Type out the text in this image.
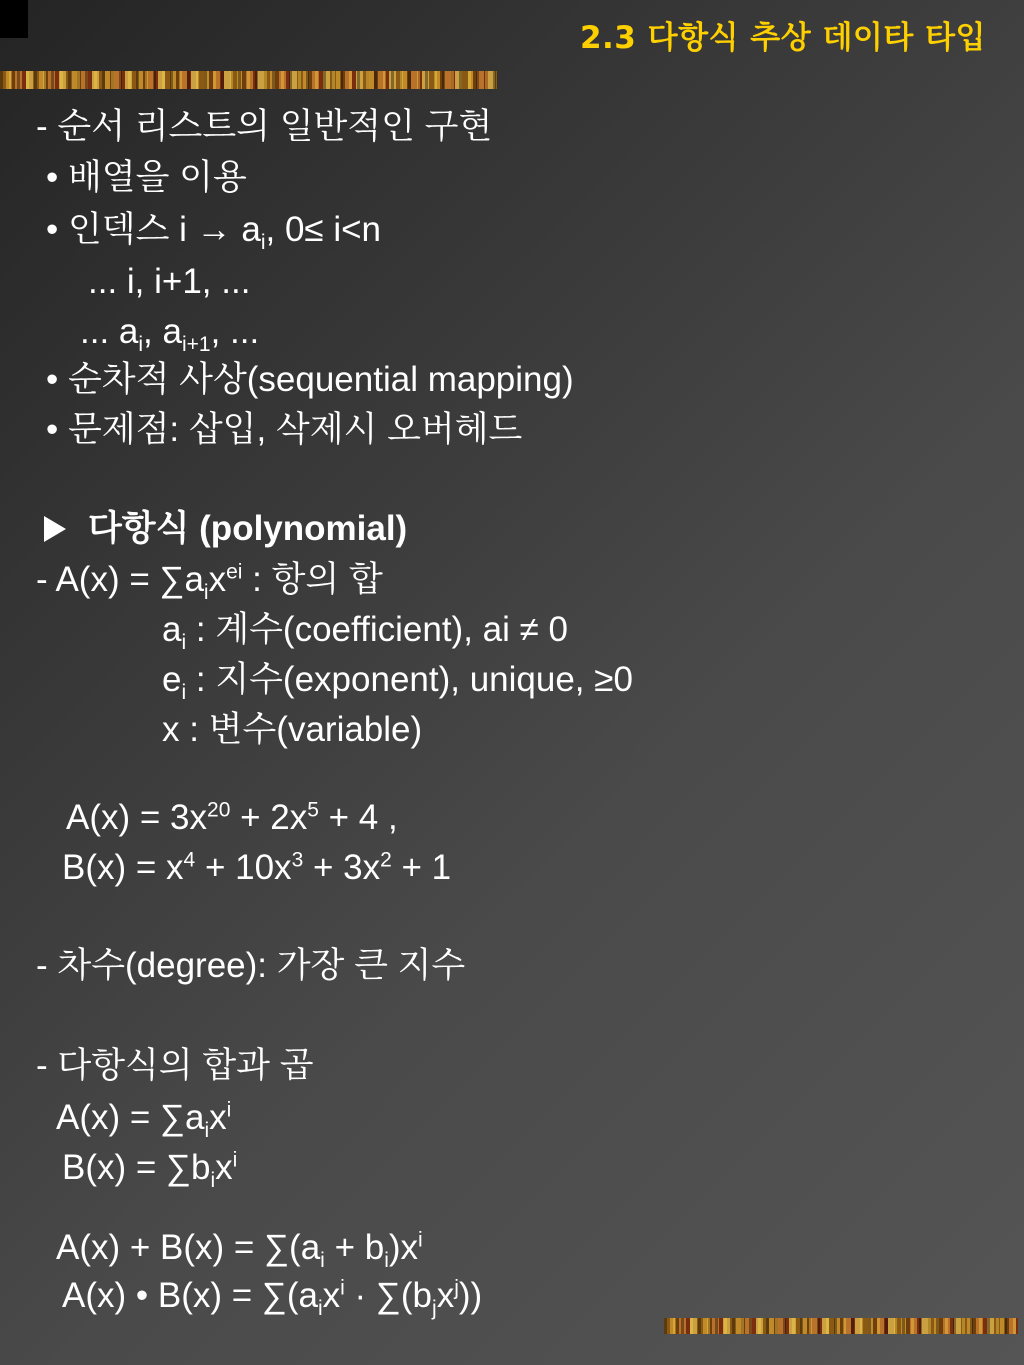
2.3 다항식 추상 데이타 타입
- 순서 리스트의 일반적인 구현
• 배열을 이용
• 인덱스 $i \to a_i$, 0≤ i<n
... i, i+1, ...
... $a_i$, $a_{i+1}$, ...
• 순차적 사상(sequential mapping)
• 문제점: 삽입, 삭제시 오버헤드
다항식 (polynomial)
- $A(x) = \sum a_ix^{ei}$ : 항의 합
$a_i$ : 계수(coefficient), ai ≠ 0
$e_i$ : 지수(exponent), unique, ≥0
x : 변수(variable)
$A(x) = 3x^{20} + 2x^5 + 4$ ,
$B(x) = x^4 + 10x^3 + 3x^2 + 1$
- 차수(degree): 가장 큰 지수
- 다항식의 합과 곱
$A(x) = \sum a_ix^i$
$B(x) = \sum b_ix^i$
$A(x) + B(x) = \sum(a_i + b_i)x^i$
A(x) • $B(x) = \sum(a_ix^i \cdot \sum(b_jx^j))$
